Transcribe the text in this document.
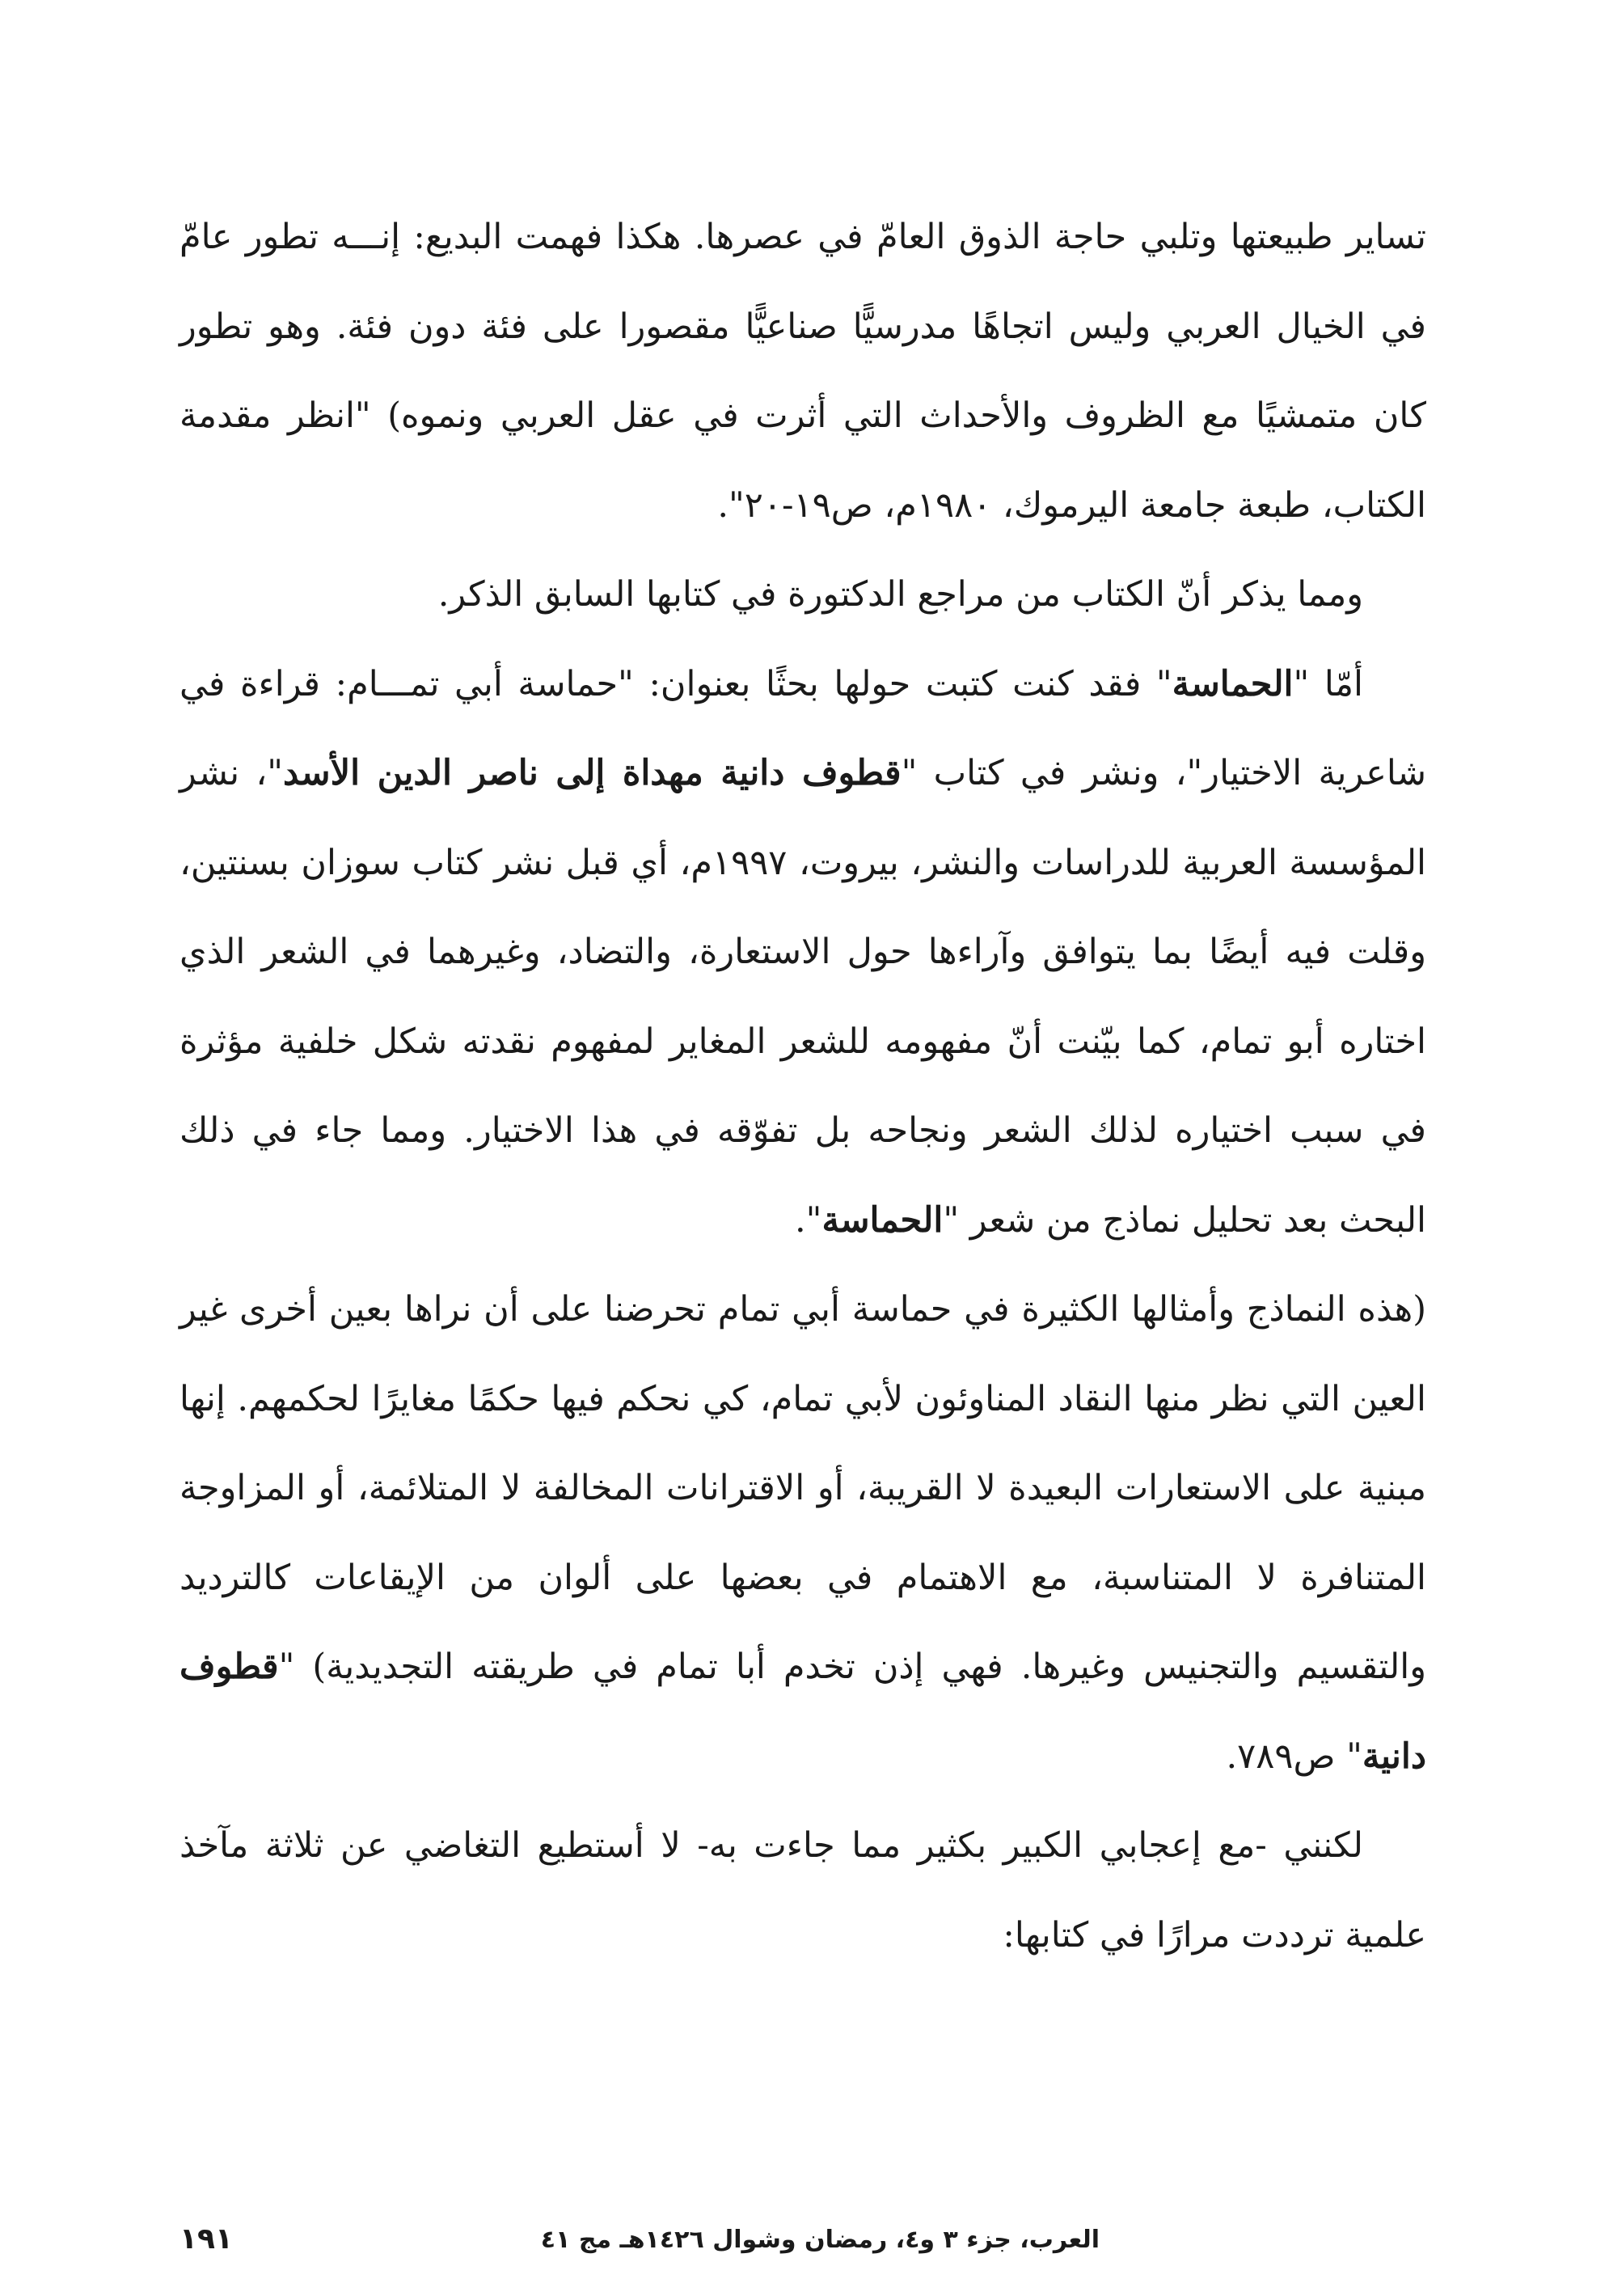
تساير طبيعتها وتلبي حاجة الذوق العامّ في عصرها. هكذا فهمت البديع: إنـــه تطور عامّ في الخيال العربي وليس اتجاهًا مدرسيًّا صناعيًّا مقصورا على فئة دون فئة. وهو تطور كان متمشيًا مع الظروف والأحداث التي أثرت في عقل العربي ونموه) "انظر مقدمة الكتاب، طبعة جامعة اليرموك، ١٩٨٠م، ص١٩-٢٠".

ومما يذكر أنّ الكتاب من مراجع الدكتورة في كتابها السابق الذكر.

أمّا "الحماسة" فقد كنت كتبت حولها بحثًا بعنوان: "حماسة أبي تمـــام: قراءة في شاعرية الاختيار"، ونشر في كتاب "قطوف دانية مهداة إلى ناصر الدين الأسد"، نشر المؤسسة العربية للدراسات والنشر، بيروت، ١٩٩٧م، أي قبل نشر كتاب سوزان بسنتين، وقلت فيه أيضًا بما يتوافق وآراءها حول الاستعارة، والتضاد، وغيرهما في الشعر الذي اختاره أبو تمام، كما بيّنت أنّ مفهومه للشعر المغاير لمفهوم نقدته شكل خلفية مؤثرة في سبب اختياره لذلك الشعر ونجاحه بل تفوّقه في هذا الاختيار. ومما جاء في ذلك البحث بعد تحليل نماذج من شعر "الحماسة".

(هذه النماذج وأمثالها الكثيرة في حماسة أبي تمام تحرضنا على أن نراها بعين أخرى غير العين التي نظر منها النقاد المناوئون لأبي تمام، كي نحكم فيها حكمًا مغايرًا لحكمهم. إنها مبنية على الاستعارات البعيدة لا القريبة، أو الاقترانات المخالفة لا المتلائمة، أو المزاوجة المتنافرة لا المتناسبة، مع الاهتمام في بعضها على ألوان من الإيقاعات كالترديد والتقسيم والتجنيس وغيرها. فهي إذن تخدم أبا تمام في طريقته التجديدية) "قطوف دانية" ص٧٨٩.

لكنني -مع إعجابي الكبير بكثير مما جاءت به- لا أستطيع التغاضي عن ثلاثة مآخذ علمية ترددت مرارًا في كتابها:

العرب، جزء ٣ و٤، رمضان وشوال ١٤٢٦هـ مج ٤١
١٩١
